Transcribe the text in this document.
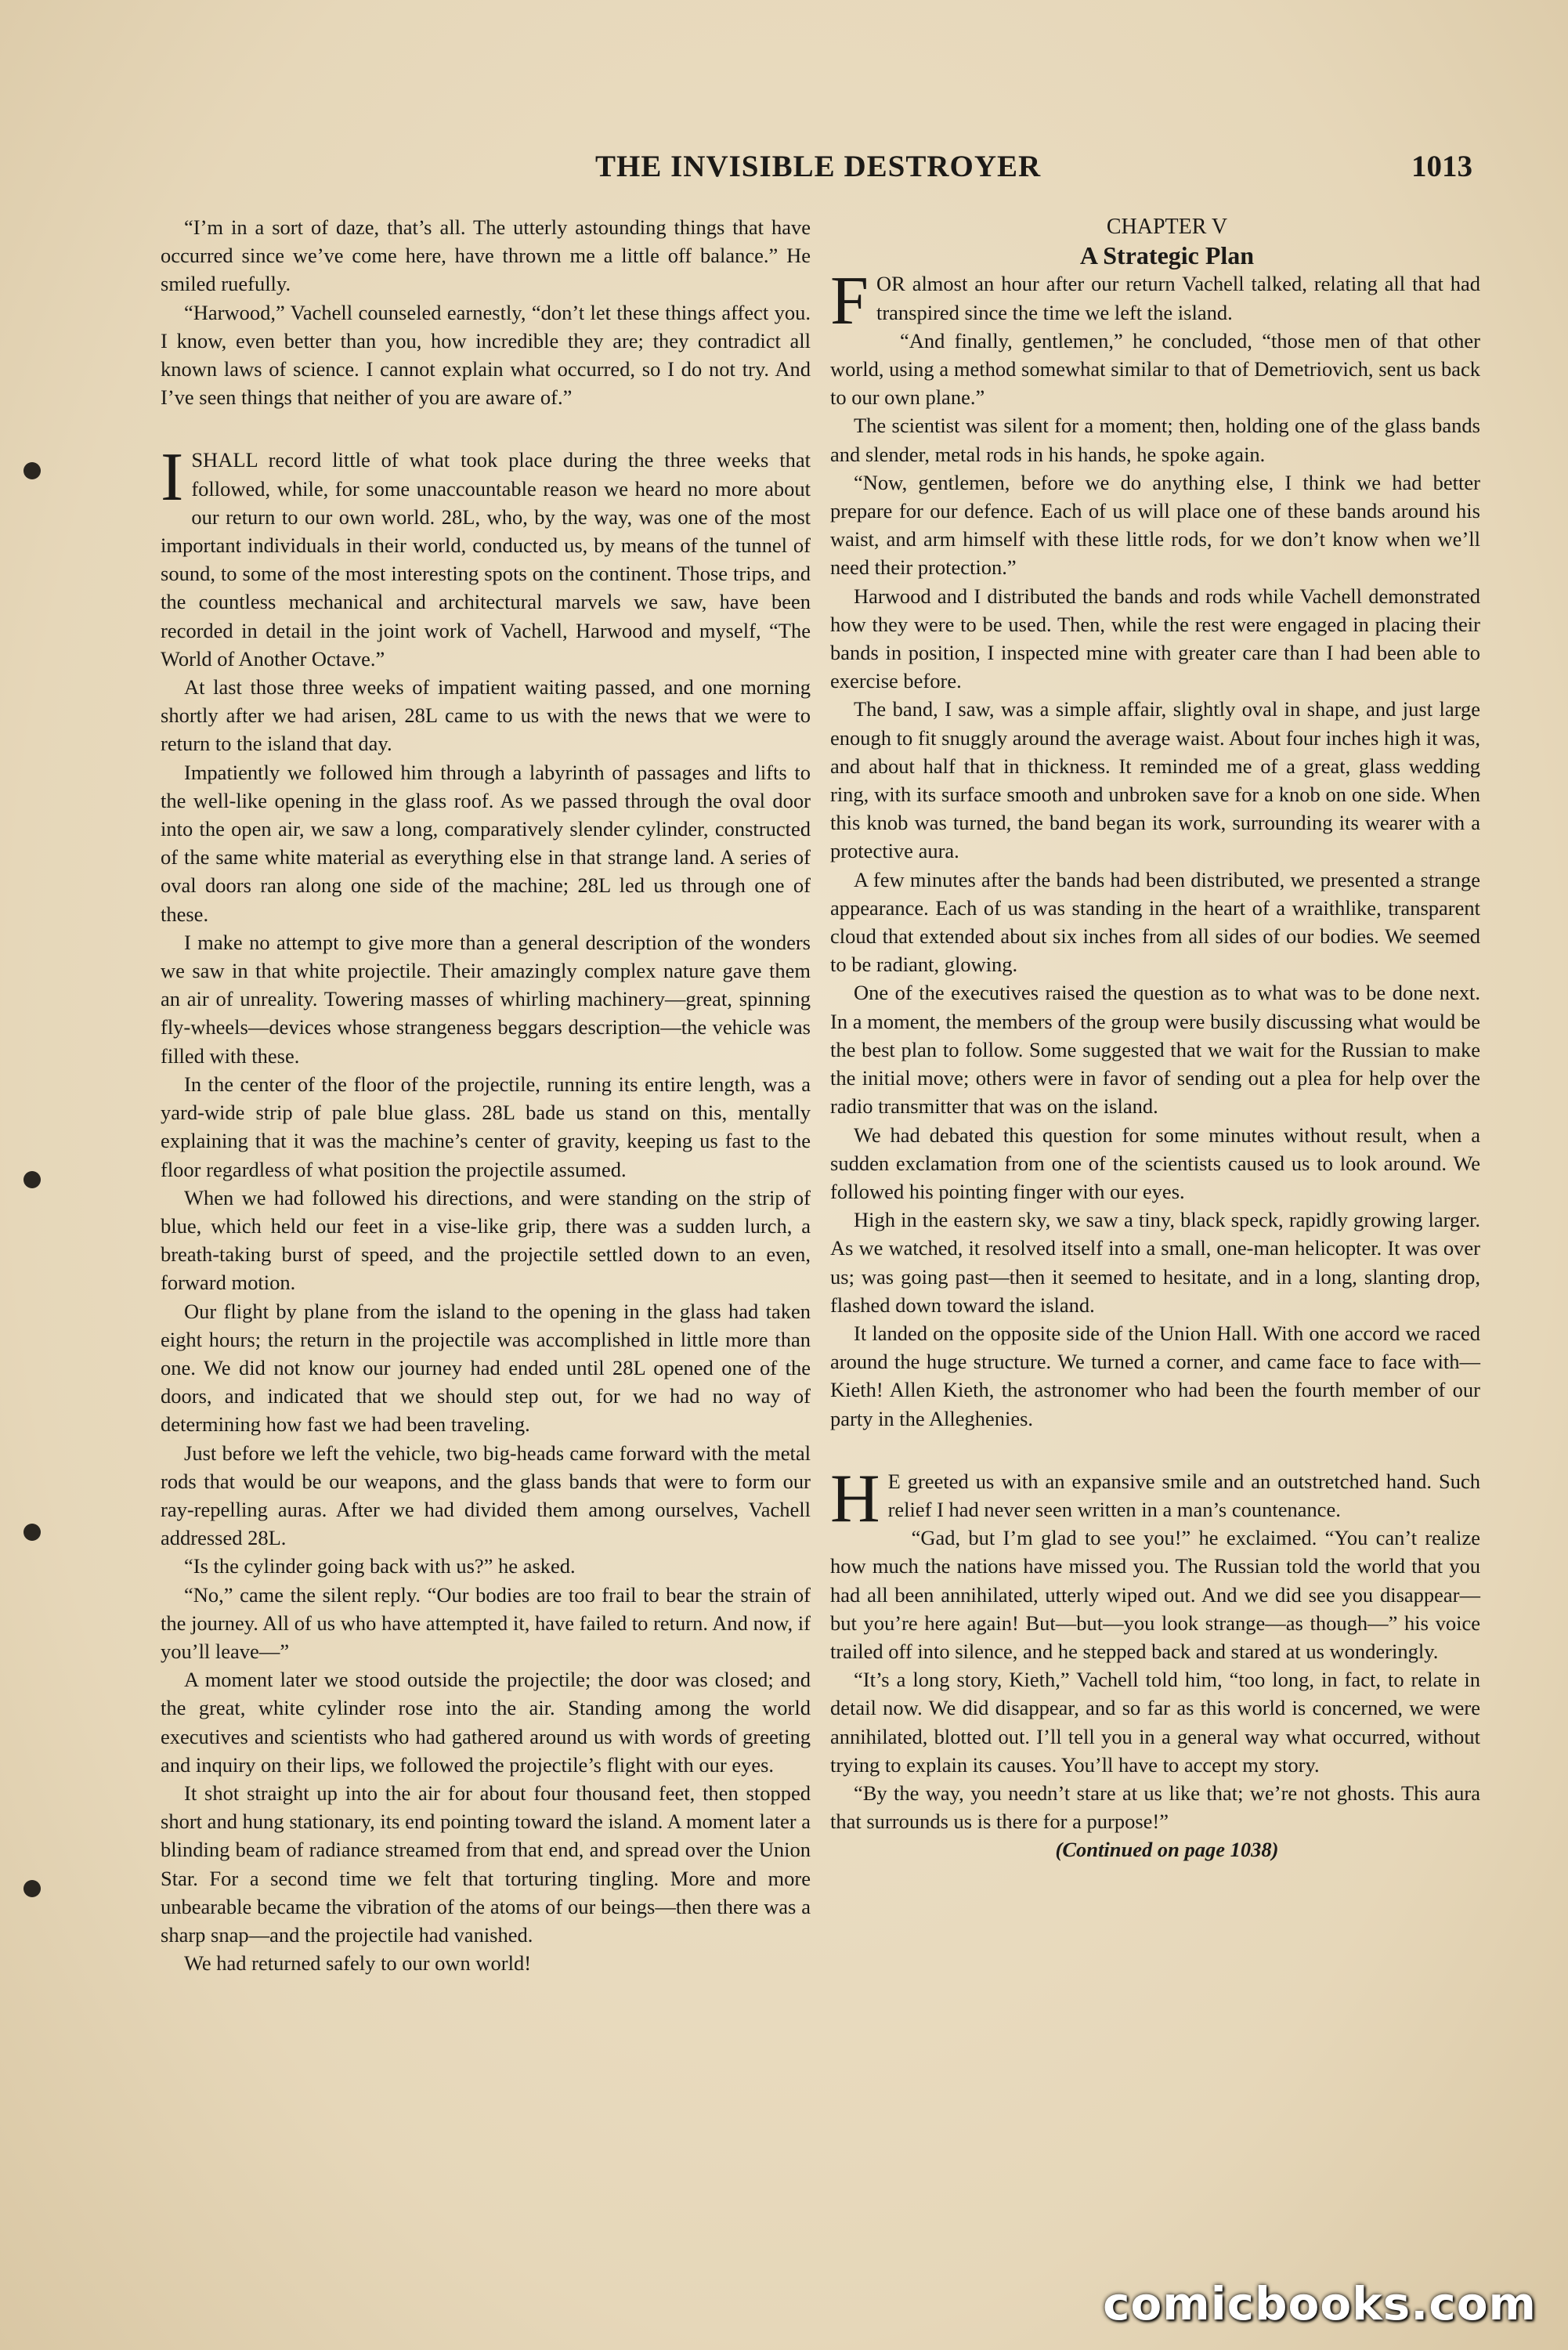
THE INVISIBLE DESTROYER	1013

“I’m in a sort of daze, that’s all. The utterly astounding things that have occurred since we’ve come here, have thrown me a little off balance.” He smiled ruefully.

“Harwood,” Vachell counseled earnestly, “don’t let these things affect you. I know, even better than you, how incredible they are; they contradict all known laws of science. I cannot explain what occurred, so I do not try. And I’ve seen things that neither of you are aware of.”

ISHALL record little of what took place during the three weeks that followed, while, for some unaccountable reason we heard no more about our return to our own world. 28L, who, by the way, was one of the most important individuals in their world, conducted us, by means of the tunnel of sound, to some of the most interesting spots on the continent. Those trips, and the countless mechanical and architectural marvels we saw, have been recorded in detail in the joint work of Vachell, Harwood and myself, “The World of Another Octave.”

At last those three weeks of impatient waiting passed, and one morning shortly after we had arisen, 28L came to us with the news that we were to return to the island that day.

Impatiently we followed him through a labyrinth of passages and lifts to the well-like opening in the glass roof. As we passed through the oval door into the open air, we saw a long, comparatively slender cylinder, constructed of the same white material as everything else in that strange land. A series of oval doors ran along one side of the machine; 28L led us through one of these.

I make no attempt to give more than a general description of the wonders we saw in that white projectile. Their amazingly complex nature gave them an air of unreality. Towering masses of whirling machinery—great, spinning fly-wheels—devices whose strangeness beggars description—the vehicle was filled with these.

In the center of the floor of the projectile, running its entire length, was a yard-wide strip of pale blue glass. 28L bade us stand on this, mentally explaining that it was the machine’s center of gravity, keeping us fast to the floor regardless of what position the projectile assumed.

When we had followed his directions, and were standing on the strip of blue, which held our feet in a vise-like grip, there was a sudden lurch, a breath-taking burst of speed, and the projectile settled down to an even, forward motion.

Our flight by plane from the island to the opening in the glass had taken eight hours; the return in the projectile was accomplished in little more than one. We did not know our journey had ended until 28L opened one of the doors, and indicated that we should step out, for we had no way of determining how fast we had been traveling.

Just before we left the vehicle, two big-heads came forward with the metal rods that would be our weapons, and the glass bands that were to form our ray-repelling auras. After we had divided them among ourselves, Vachell addressed 28L.

“Is the cylinder going back with us?” he asked.

“No,” came the silent reply. “Our bodies are too frail to bear the strain of the journey. All of us who have attempted it, have failed to return. And now, if you’ll leave—”

A moment later we stood outside the projectile; the door was closed; and the great, white cylinder rose into the air. Standing among the world executives and scientists who had gathered around us with words of greeting and inquiry on their lips, we followed the projectile’s flight with our eyes.

It shot straight up into the air for about four thousand feet, then stopped short and hung stationary, its end pointing toward the island. A moment later a blinding beam of radiance streamed from that end, and spread over the Union Star. For a second time we felt that torturing tingling. More and more unbearable became the vibration of the atoms of our beings—then there was a sharp snap—and the projectile had vanished.

We had returned safely to our own world!

CHAPTER V

A Strategic Plan

FOR almost an hour after our return Vachell talked, relating all that had transpired since the time we left the island.

“And finally, gentlemen,” he concluded, “those men of that other world, using a method somewhat similar to that of Demetriovich, sent us back to our own plane.”

The scientist was silent for a moment; then, holding one of the glass bands and slender, metal rods in his hands, he spoke again.

“Now, gentlemen, before we do anything else, I think we had better prepare for our defence. Each of us will place one of these bands around his waist, and arm himself with these little rods, for we don’t know when we’ll need their protection.”

Harwood and I distributed the bands and rods while Vachell demonstrated how they were to be used. Then, while the rest were engaged in placing their bands in position, I inspected mine with greater care than I had been able to exercise before.

The band, I saw, was a simple affair, slightly oval in shape, and just large enough to fit snuggly around the average waist. About four inches high it was, and about half that in thickness. It reminded me of a great, glass wedding ring, with its surface smooth and unbroken save for a knob on one side. When this knob was turned, the band began its work, surrounding its wearer with a protective aura.

A few minutes after the bands had been distributed, we presented a strange appearance. Each of us was standing in the heart of a wraithlike, transparent cloud that extended about six inches from all sides of our bodies. We seemed to be radiant, glowing.

One of the executives raised the question as to what was to be done next. In a moment, the members of the group were busily discussing what would be the best plan to follow. Some suggested that we wait for the Russian to make the initial move; others were in favor of sending out a plea for help over the radio transmitter that was on the island.

We had debated this question for some minutes without result, when a sudden exclamation from one of the scientists caused us to look around. We followed his pointing finger with our eyes.

High in the eastern sky, we saw a tiny, black speck, rapidly growing larger. As we watched, it resolved itself into a small, one-man helicopter. It was over us; was going past—then it seemed to hesitate, and in a long, slanting drop, flashed down toward the island.

It landed on the opposite side of the Union Hall. With one accord we raced around the huge structure. We turned a corner, and came face to face with—Kieth! Allen Kieth, the astronomer who had been the fourth member of our party in the Alleghenies.

H E greeted us with an expansive smile and an outstretched hand. Such relief I had never seen written in a man’s countenance.

“Gad, but I’m glad to see you!” he exclaimed. “You can’t realize how much the nations have missed you. The Russian told the world that you had all been annihilated, utterly wiped out. And we did see you disappear—but you’re here again! But—but—you look strange—as though—” his voice trailed off into silence, and he stepped back and stared at us wonderingly.

“It’s a long story, Kieth,” Vachell told him, “too long, in fact, to relate in detail now. We did disappear, and so far as this world is concerned, we were annihilated, blotted out. I’ll tell you in a general way what occurred, without trying to explain its causes. You’ll have to accept my story.

“By the way, you needn’t stare at us like that; we’re not ghosts. This aura that surrounds us is there for a purpose!”

(Continued on page 1038)

comicbooks.com
